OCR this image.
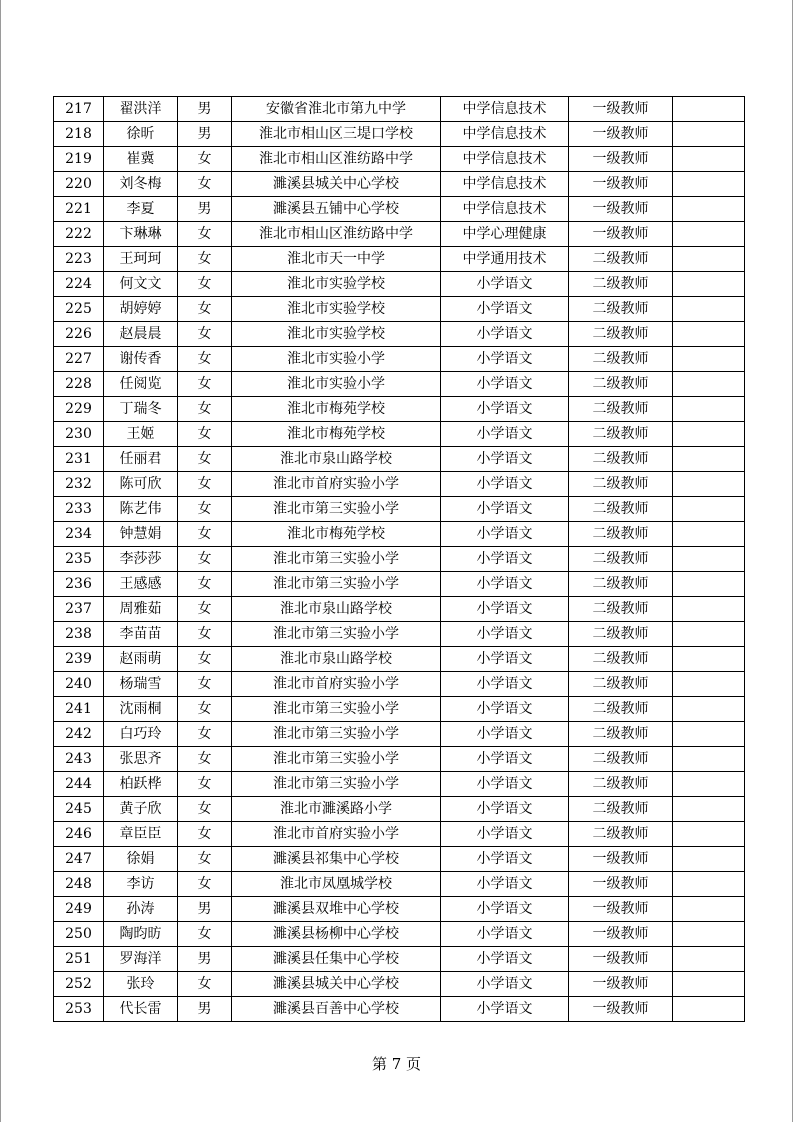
217	翟洪洋	男	安徽省淮北市第九中学	中学信息技术	一级教师	
218	徐昕	男	淮北市相山区三堤口学校	中学信息技术	一级教师	
219	崔冀	女	淮北市相山区淮纺路中学	中学信息技术	一级教师	
220	刘冬梅	女	濉溪县城关中心学校	中学信息技术	一级教师	
221	李夏	男	濉溪县五铺中心学校	中学信息技术	一级教师	
222	卞琳琳	女	淮北市相山区淮纺路中学	中学心理健康	一级教师	
223	王珂珂	女	淮北市天一中学	中学通用技术	二级教师	
224	何文文	女	淮北市实验学校	小学语文	二级教师	
225	胡婷婷	女	淮北市实验学校	小学语文	二级教师	
226	赵晨晨	女	淮北市实验学校	小学语文	二级教师	
227	谢传香	女	淮北市实验小学	小学语文	二级教师	
228	任阅览	女	淮北市实验小学	小学语文	二级教师	
229	丁瑞冬	女	淮北市梅苑学校	小学语文	二级教师	
230	王姬	女	淮北市梅苑学校	小学语文	二级教师	
231	任丽君	女	淮北市泉山路学校	小学语文	二级教师	
232	陈可欣	女	淮北市首府实验小学	小学语文	二级教师	
233	陈艺伟	女	淮北市第三实验小学	小学语文	二级教师	
234	钟慧娟	女	淮北市梅苑学校	小学语文	二级教师	
235	李莎莎	女	淮北市第三实验小学	小学语文	二级教师	
236	王感感	女	淮北市第三实验小学	小学语文	二级教师	
237	周雅茹	女	淮北市泉山路学校	小学语文	二级教师	
238	李苗苗	女	淮北市第三实验小学	小学语文	二级教师	
239	赵雨萌	女	淮北市泉山路学校	小学语文	二级教师	
240	杨瑞雪	女	淮北市首府实验小学	小学语文	二级教师	
241	沈雨桐	女	淮北市第三实验小学	小学语文	二级教师	
242	白巧玲	女	淮北市第三实验小学	小学语文	二级教师	
243	张思齐	女	淮北市第三实验小学	小学语文	二级教师	
244	柏跃桦	女	淮北市第三实验小学	小学语文	二级教师	
245	黄子欣	女	淮北市濉溪路小学	小学语文	二级教师	
246	章臣臣	女	淮北市首府实验小学	小学语文	二级教师	
247	徐娟	女	濉溪县祁集中心学校	小学语文	一级教师	
248	李访	女	淮北市凤凰城学校	小学语文	一级教师	
249	孙涛	男	濉溪县双堆中心学校	小学语文	一级教师	
250	陶昀昉	女	濉溪县杨柳中心学校	小学语文	一级教师	
251	罗海洋	男	濉溪县任集中心学校	小学语文	一级教师	
252	张玲	女	濉溪县城关中心学校	小学语文	一级教师	
253	代长雷	男	濉溪县百善中心学校	小学语文	一级教师	
第 7 页
